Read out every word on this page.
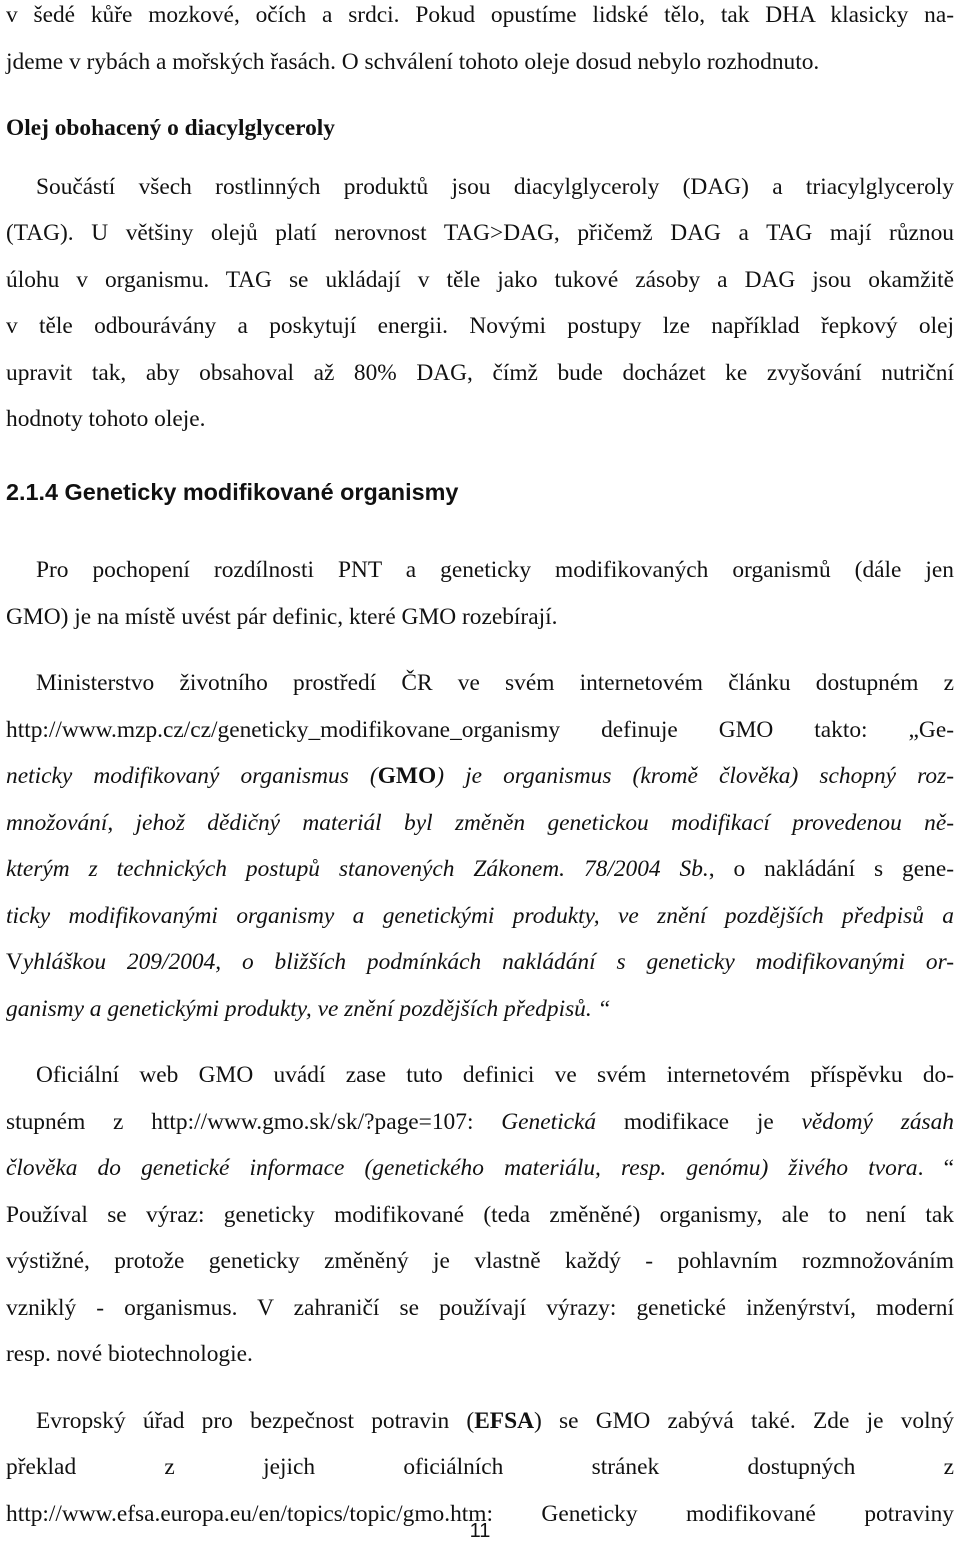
v šedé kůře mozkové, očích a srdci. Pokud opustíme lidské tělo, tak DHA klasicky na-
jdeme v rybách a mořských řasách. O schválení tohoto oleje dosud nebylo rozhodnuto.
Olej obohacený o diacylglyceroly
Součástí všech rostlinných produktů jsou diacylglyceroly (DAG) a triacylglyceroly
(TAG). U většiny olejů platí nerovnost TAG>DAG, přičemž DAG a TAG mají různou
úlohu v organismu. TAG se ukládají v těle jako tukové zásoby a DAG jsou okamžitě
v těle odbourávány a poskytují energii. Novými postupy lze například řepkový olej
upravit tak, aby obsahoval až 80% DAG, čímž bude docházet ke zvyšování nutriční
hodnoty tohoto oleje.
2.1.4 Geneticky modifikované organismy
Pro pochopení rozdílnosti PNT a geneticky modifikovaných organismů (dále jen
GMO) je na místě uvést pár definic, které GMO rozebírají.
Ministerstvo životního prostředí ČR ve svém internetovém článku dostupném z
http://www.mzp.cz/cz/geneticky_modifikovane_organismy definuje GMO takto: „Ge-
neticky modifikovaný organismus (GMO) je organismus (kromě člověka) schopný roz-
množování, jehož dědičný materiál byl změněn genetickou modifikací provedenou ně-
kterým z technických postupů stanovených Zákonem. 78/2004 Sb., o nakládání s gene-
ticky modifikovanými organismy a genetickými produkty, ve znění pozdějších předpisů a
Vyhláškou 209/2004, o bližších podmínkách nakládání s geneticky modifikovanými or-
ganismy a genetickými produkty, ve znění pozdějších předpisů. “
Oficiální web GMO uvádí zase tuto definici ve svém internetovém příspěvku do-
stupném z http://www.gmo.sk/sk/?page=107: Genetická modifikace je vědomý zásah
člověka do genetické informace (genetického materiálu, resp. genómu) živého tvora. “
Používal se výraz: geneticky modifikované (teda změněné) organismy, ale to není tak
výstižné, protože geneticky změněný je vlastně každý - pohlavním rozmnožováním
vzniklý - organismus. V zahraničí se používají výrazy: genetické inženýrství, moderní
resp. nové biotechnologie.
Evropský úřad pro bezpečnost potravin (EFSA) se GMO zabývá také. Zde je volný
překlad z jejich oficiálních stránek dostupných z
http://www.efsa.europa.eu/en/topics/topic/gmo.htm: Geneticky modifikované potraviny
11
